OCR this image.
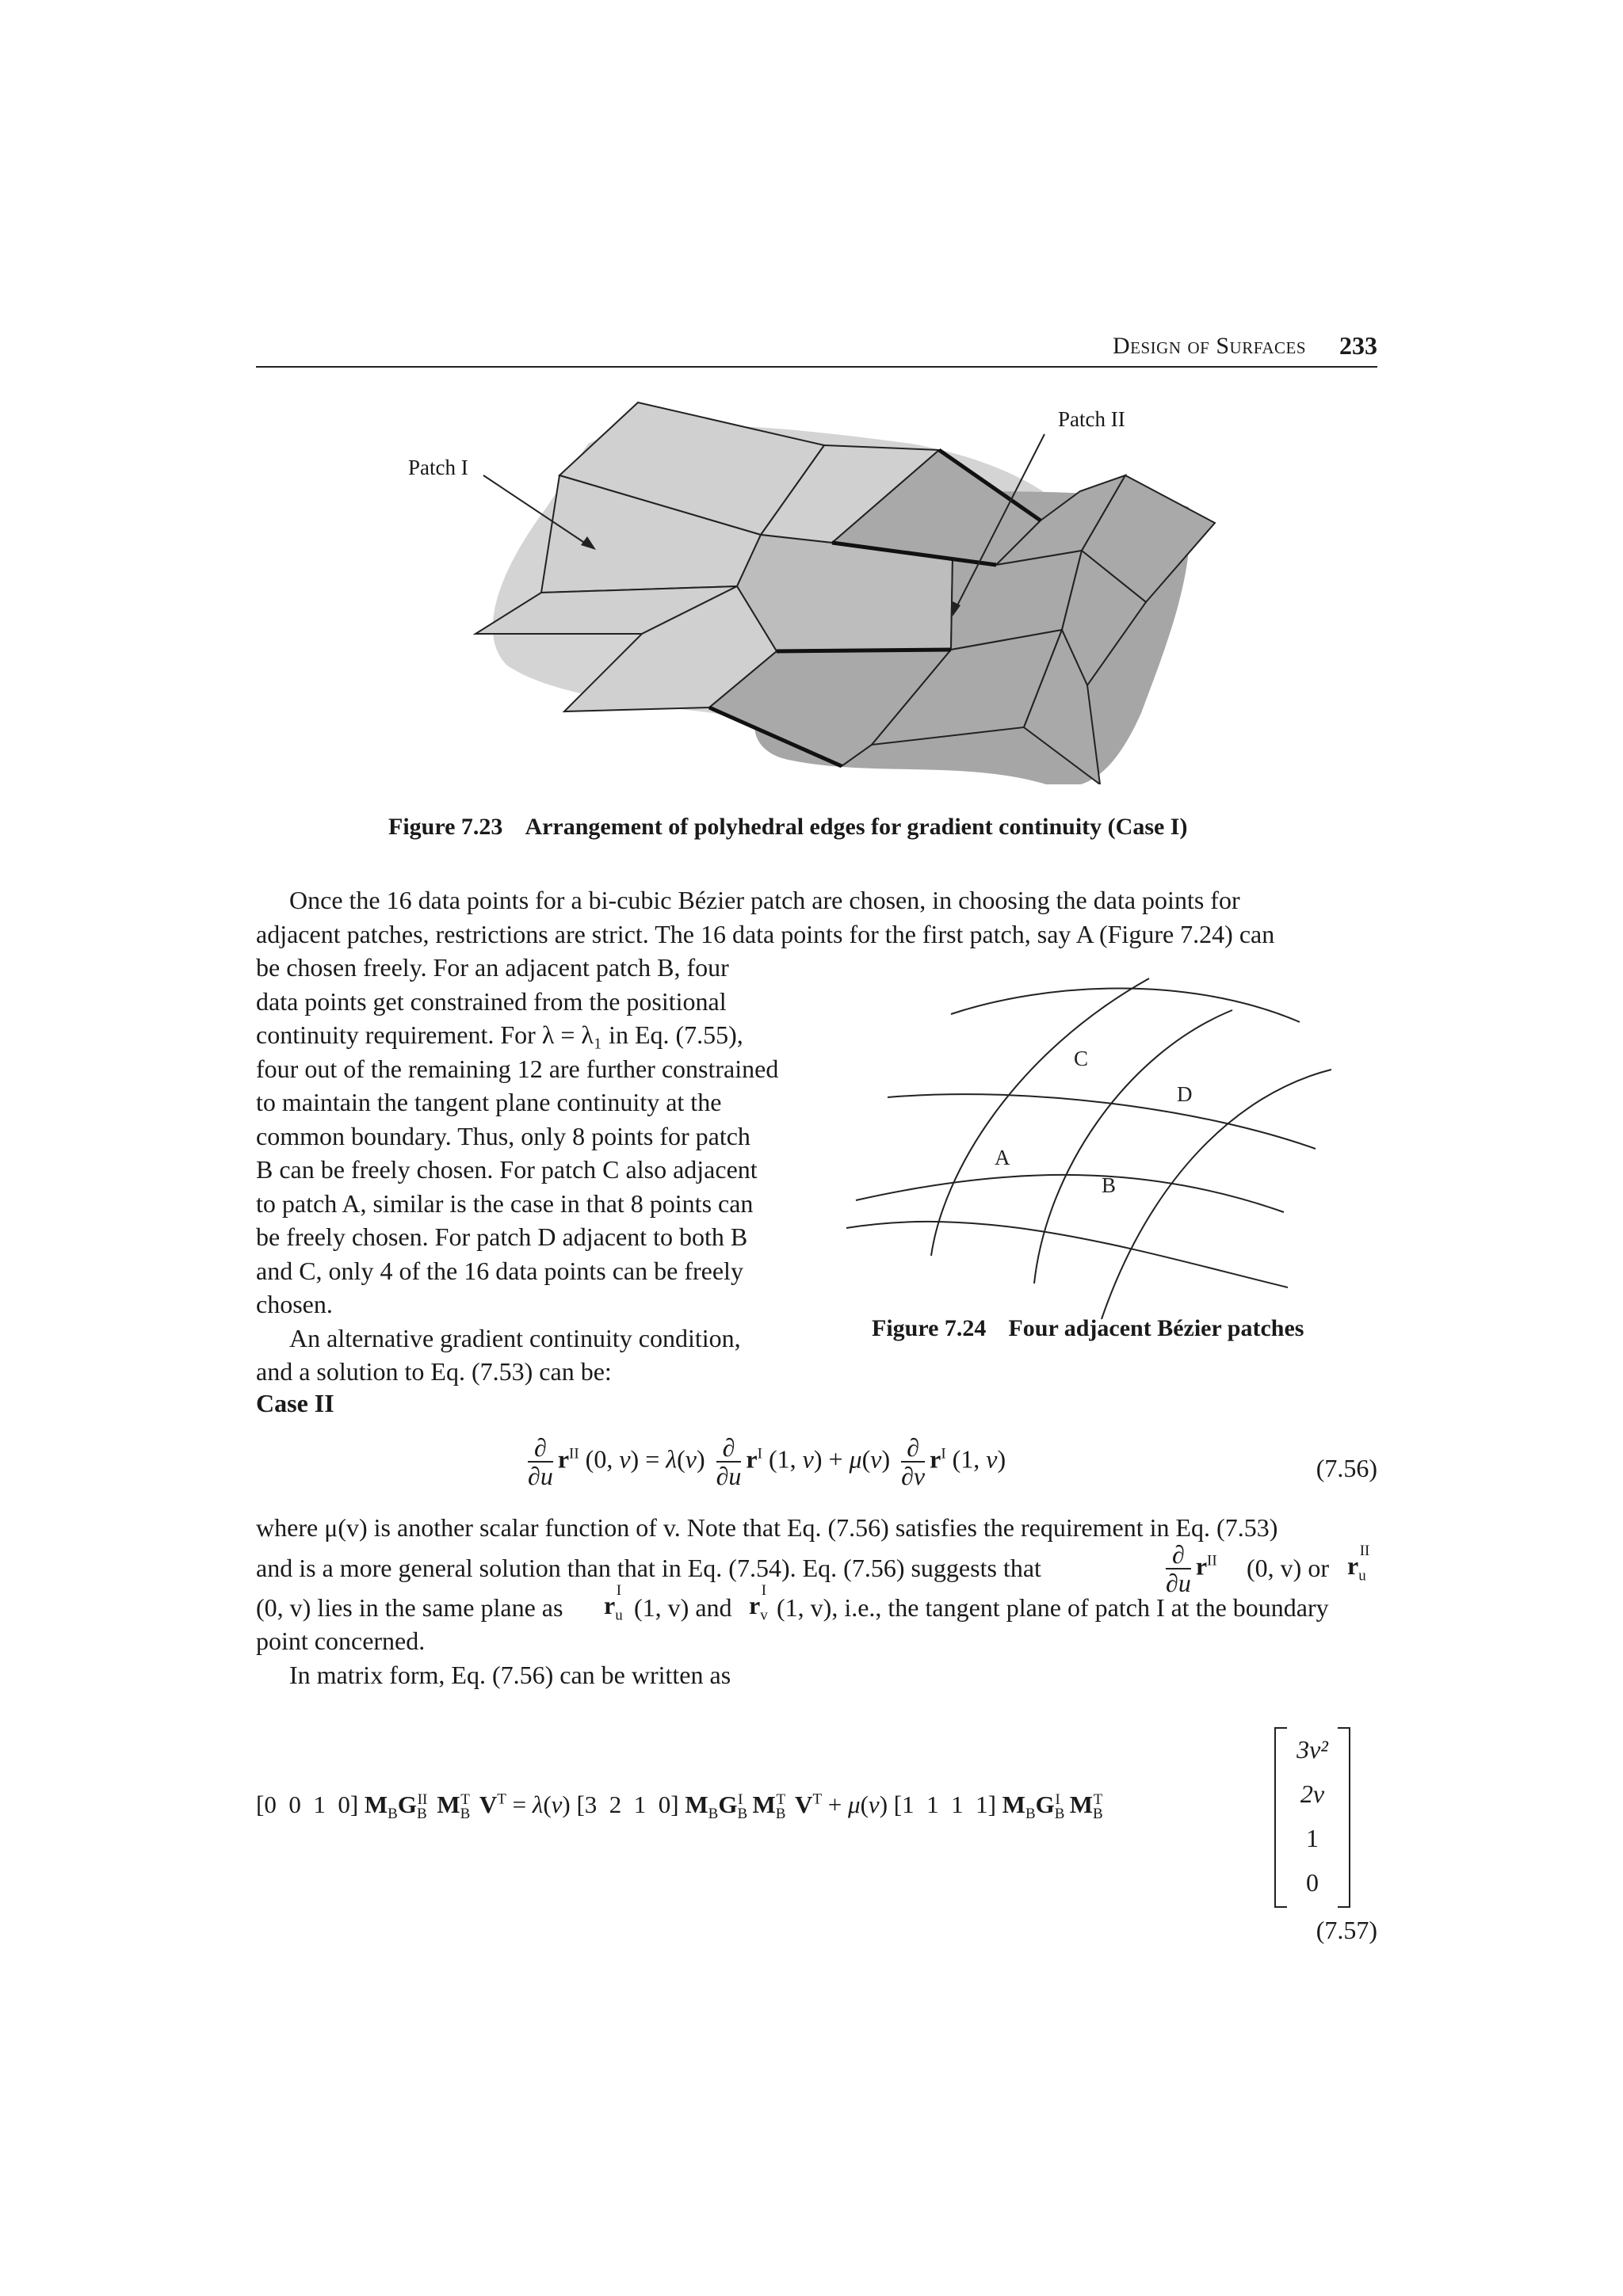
Design of Surfaces 233
Patch I
Patch II
Figure 7.23 Arrangement of polyhedral edges for gradient continuity (Case I)
Once the 16 data points for a bi-cubic Bézier patch are chosen, in choosing the data points for
adjacent patches, restrictions are strict. The 16 data points for the first patch, say A (Figure 7.24) can
be chosen freely. For an adjacent patch B, four
data points get constrained from the positional
continuity requirement. For λ = λ₁ in Eq. (7.55),
four out of the remaining 12 are further constrained
to maintain the tangent plane continuity at the
common boundary. Thus, only 8 points for patch
B can be freely chosen. For patch C also adjacent
to patch A, similar is the case in that 8 points can
be freely chosen. For patch D adjacent to both B
and C, only 4 of the 16 data points can be freely
chosen.
An alternative gradient continuity condition,
and a solution to Eq. (7.53) can be:
A
B
C
D
Figure 7.24 Four adjacent Bézier patches
Case II
$\frac{\partial}{\partial u} r^{II}$ (0, $v) = \lambda(v) \frac{\partial}{\partial u} r^I$ (1, $v) + \mu(v) \frac{\partial}{\partial v} r^I$ (1, v)	(7.56)
where μ(v) is another scalar function of v. Note that Eq. (7.56) satisfies the requirement in Eq. (7.53)
and is a more general solution than that in Eq. (7.54). Eq. (7.56) suggests that	$\frac{\partial}{\partial u} r^{II}$ (0, v) or $r_u^{II}$
(0, v) lies in the same plane as $r_u^I$
(1, v) and $r_v^I$
(1, v), i.e., the tangent plane of patch I at the boundary
point concerned.
In matrix form, Eq. (7.56) can be written as
[0  0  1  0] $M_BG_B^{II}$ $M_B^T$ $V^T = \lambda(v)$ [3  2  1  0] $M_BG_B^I$ $M_B^T$ $V^T + \mu(v)$ [1  1  1  1] $M_BG_B^I$ $M_B^T$
3v²
2v
1
0
(7.57)
